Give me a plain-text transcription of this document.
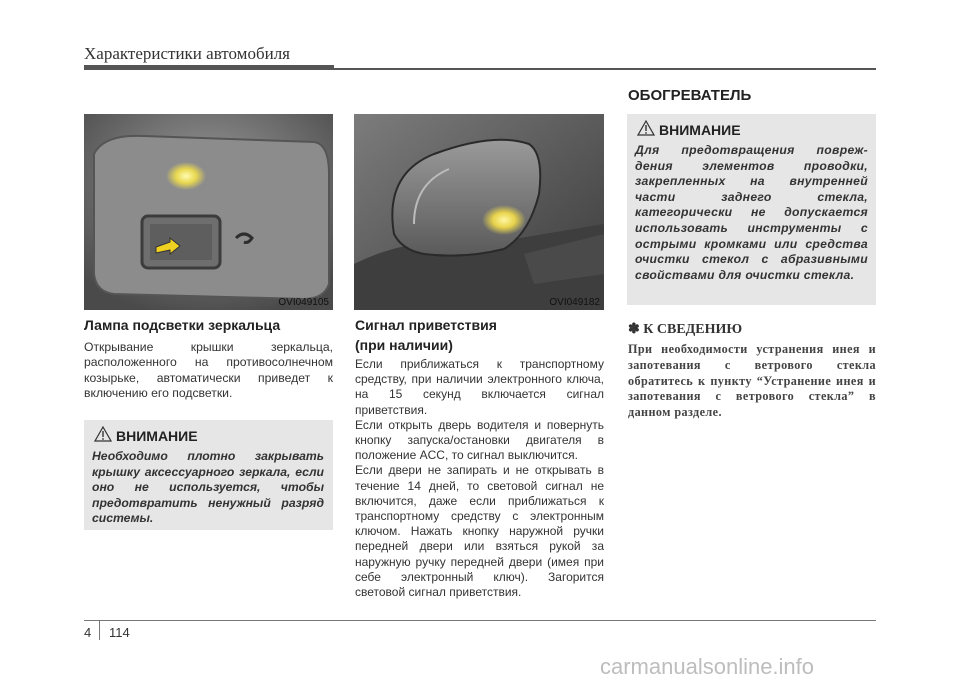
Характеристики автомобиля
OVI049105
Лампа подсветки зеркальца
Открывание крышки зеркальца, расположенного на противосолнечном козырьке, автоматически приведет к включению его подсветки.
ВНИМАНИЕ
Необходимо плотно закрывать крышку аксессуарного зеркала, если оно не используется, чтобы предотвратить ненужный разряд системы.
OVI049182
Сигнал приветствия
(при наличии)
Если приближаться к транспортному средству, при наличии электронного ключа, на 15 секунд включается сигнал приветствия.
Если открыть дверь водителя и повернуть кнопку запуска/остановки двигателя в положение ACC, то сигнал выключится.
Если двери не запирать и не открывать в течение 14 дней, то световой сигнал не включится, даже если приближаться к транспортному средству с электронным ключом. Нажать кнопку наружной ручки передней двери или взяться рукой за наружную ручку передней двери (имея при себе электронный ключ). Загорится световой сигнал приветствия.
ОБОГРЕВАТЕЛЬ
ВНИМАНИЕ
Для предотвращения повреж- дения элементов проводки, закрепленных на внутренней части заднего стекла, категорически не допускается использовать инструменты с острыми кромками или средства очистки стекол с абразивными свойствами для очистки стекла.
✽ К СВЕДЕНИЮ
При необходимости устранения инея и запотевания с ветрового стекла обратитесь к пункту “Устранение инея и запотевания с ветрового стекла” в данном разделе.
4 114
carmanualsonline.info
